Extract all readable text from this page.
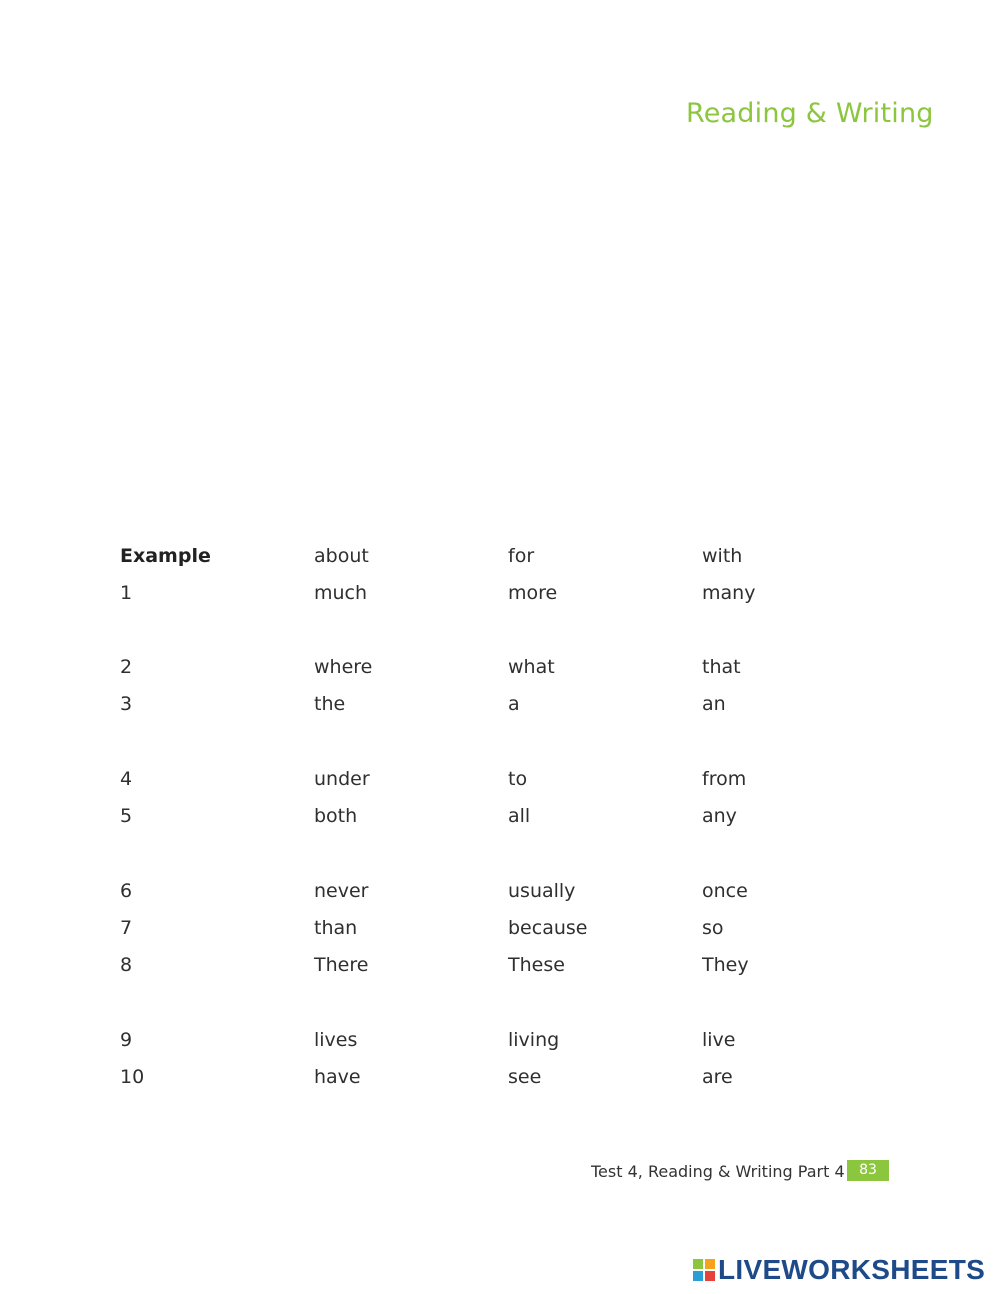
Reading & Writing
Example	about	for	with
1	much	more	many
2	where	what	that
3	the	a	an
4	under	to	from
5	both	all	any
6	never	usually	once
7	than	because	so
8	There	These	They
9	lives	living	live
10	have	see	are
Test 4, Reading & Writing Part 4	83
LIVEWORKSHEETS
